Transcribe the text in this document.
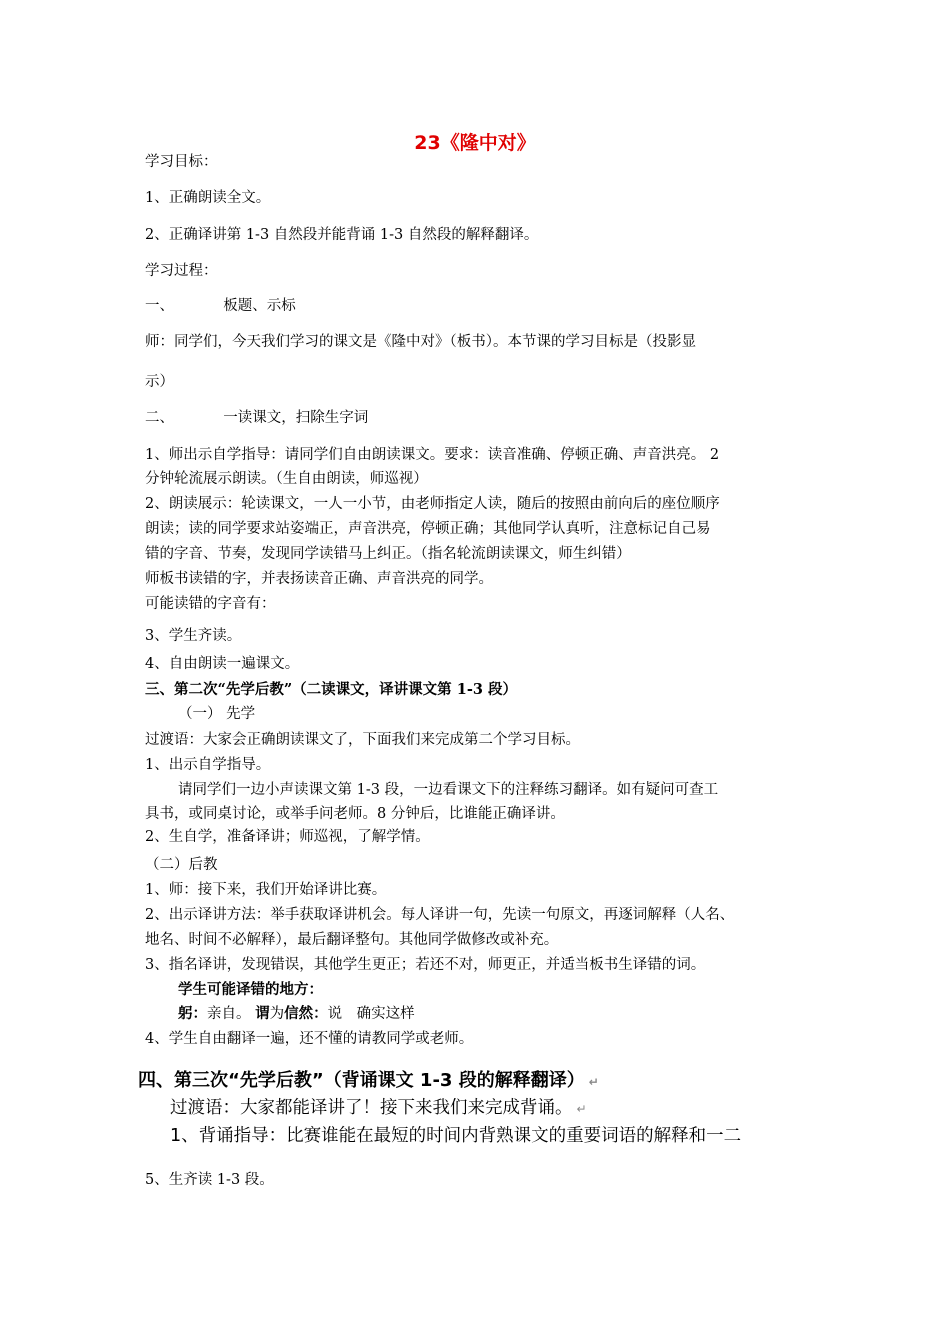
23《隆中对》
学习目标：
1、正确朗读全文。
2、正确译讲第 1-3 自然段并能背诵 1-3 自然段的解释翻译。
学习过程：
一、	板题、示标
师：同学们，今天我们学习的课文是《隆中对》（板书）。本节课的学习目标是（投影显
示）
二、	一读课文，扫除生字词
1、师出示自学指导：请同学们自由朗读课文。要求：读音准确、停顿正确、声音洪亮。 2
分钟轮流展示朗读。（生自由朗读，师巡视）
2、朗读展示：轮读课文，一人一小节，由老师指定人读，随后的按照由前向后的座位顺序
朗读；读的同学要求站姿端正，声音洪亮，停顿正确；其他同学认真听，注意标记自己易
错的字音、节奏，发现同学读错马上纠正。（指名轮流朗读课文，师生纠错）
师板书读错的字，并表扬读音正确、声音洪亮的同学。
可能读错的字音有：
3、学生齐读。
4、自由朗读一遍课文。
三、第二次“先学后教”（二读课文，译讲课文第 1-3 段）
（一） 先学
过渡语：大家会正确朗读课文了，下面我们来完成第二个学习目标。
1、出示自学指导。
请同学们一边小声读课文第 1-3 段，一边看课文下的注释练习翻译。如有疑问可查工
具书，或同桌讨论，或举手问老师。8 分钟后，比谁能正确译讲。
2、生自学，准备译讲；师巡视，了解学情。
（二）后教
1、师：接下来，我们开始译讲比赛。
2、出示译讲方法：举手获取译讲机会。每人译讲一句，先读一句原文，再逐词解释（人名、
地名、时间不必解释），最后翻译整句。其他同学做修改或补充。
3、指名译讲，发现错误，其他学生更正；若还不对，师更正，并适当板书生译错的词。
学生可能译错的地方：
躬：亲自。 谓为信然：说　确实这样
4、学生自由翻译一遍，还不懂的请教同学或老师。
四、第三次“先学后教”（背诵课文 1-3 段的解释翻译） ↵
过渡语：大家都能译讲了！接下来我们来完成背诵。 ↵
1、背诵指导：比赛谁能在最短的时间内背熟课文的重要词语的解释和一二
5、生齐读 1-3 段。
